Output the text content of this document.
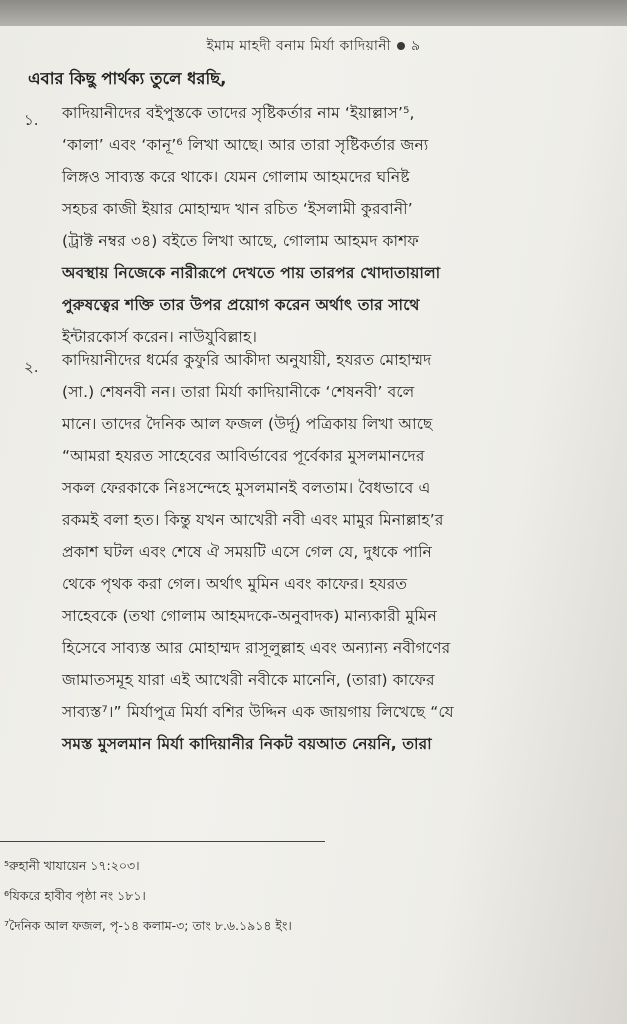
ইমাম মাহদী বনাম মির্যা কাদিয়ানী ৯
এবার কিছু পার্থক্য তুলে ধরছি,
১. কাদিয়ানীদের বইপুস্তকে তাদের সৃষ্টিকর্তার নাম ‘ইয়াল্লাস’⁵,
‘কালা’ এবং ‘কানূ’⁶ লিখা আছে। আর তারা সৃষ্টিকর্তার জন্য
লিঙ্গও সাব্যস্ত করে থাকে। যেমন গোলাম আহমদের ঘনিষ্ট
সহচর কাজী ইয়ার মোহাম্মদ খান রচিত ‘ইসলামী কুরবানী’
(ট্রাক্ট নম্বর ৩৪) বইতে লিখা আছে, গোলাম আহমদ কাশফ
অবস্থায় নিজেকে নারীরূপে দেখতে পায় তারপর খোদাতায়ালা
পুরুষত্বের শক্তি তার উপর প্রয়োগ করেন অর্থাৎ তার সাথে
ইন্টারকোর্স করেন। নাউযুবিল্লাহ।
২. কাদিয়ানীদের ধর্মের কুফুরি আকীদা অনুযায়ী, হযরত মোহাম্মদ
(সা.) শেষনবী নন। তারা মির্যা কাদিয়ানীকে ‘শেষনবী’ বলে
মানে। তাদের দৈনিক আল ফজল (উর্দূ) পত্রিকায় লিখা আছে
“আমরা হযরত সাহেবের আবির্ভাবের পূর্বেকার মুসলমানদের
সকল ফেরকাকে নিঃসন্দেহে মুসলমানই বলতাম। বৈধভাবে এ
রকমই বলা হত। কিন্তু যখন আখেরী নবী এবং মামুর মিনাল্লাহ’র
প্রকাশ ঘটল এবং শেষে ঐ সময়টি এসে গেল যে, দুধকে পানি
থেকে পৃথক করা গেল। অর্থাৎ মুমিন এবং কাফের। হযরত
সাহেবকে (তথা গোলাম আহমদকে-অনুবাদক) মান্যকারী মুমিন
হিসেবে সাব্যস্ত আর মোহাম্মদ রাসূলুল্লাহ এবং অন্যান্য নবীগণের
জামাতসমূহ যারা এই আখেরী নবীকে মানেনি, (তারা) কাফের
সাব্যস্ত⁷।” মির্যাপুত্র মির্যা বশির উদ্দিন এক জায়গায় লিখেছে “যে
সমস্ত মুসলমান মির্যা কাদিয়ানীর নিকট বয়আত নেয়নি, তারা
⁵রুহানী খাযায়েন ১৭:২০৩।
⁶যিকরে হাবীব পৃষ্ঠা নং ১৮১।
⁷দৈনিক আল ফজল, পৃ-১৪ কলাম-৩; তাং ৮.৬.১৯১৪ ইং।
